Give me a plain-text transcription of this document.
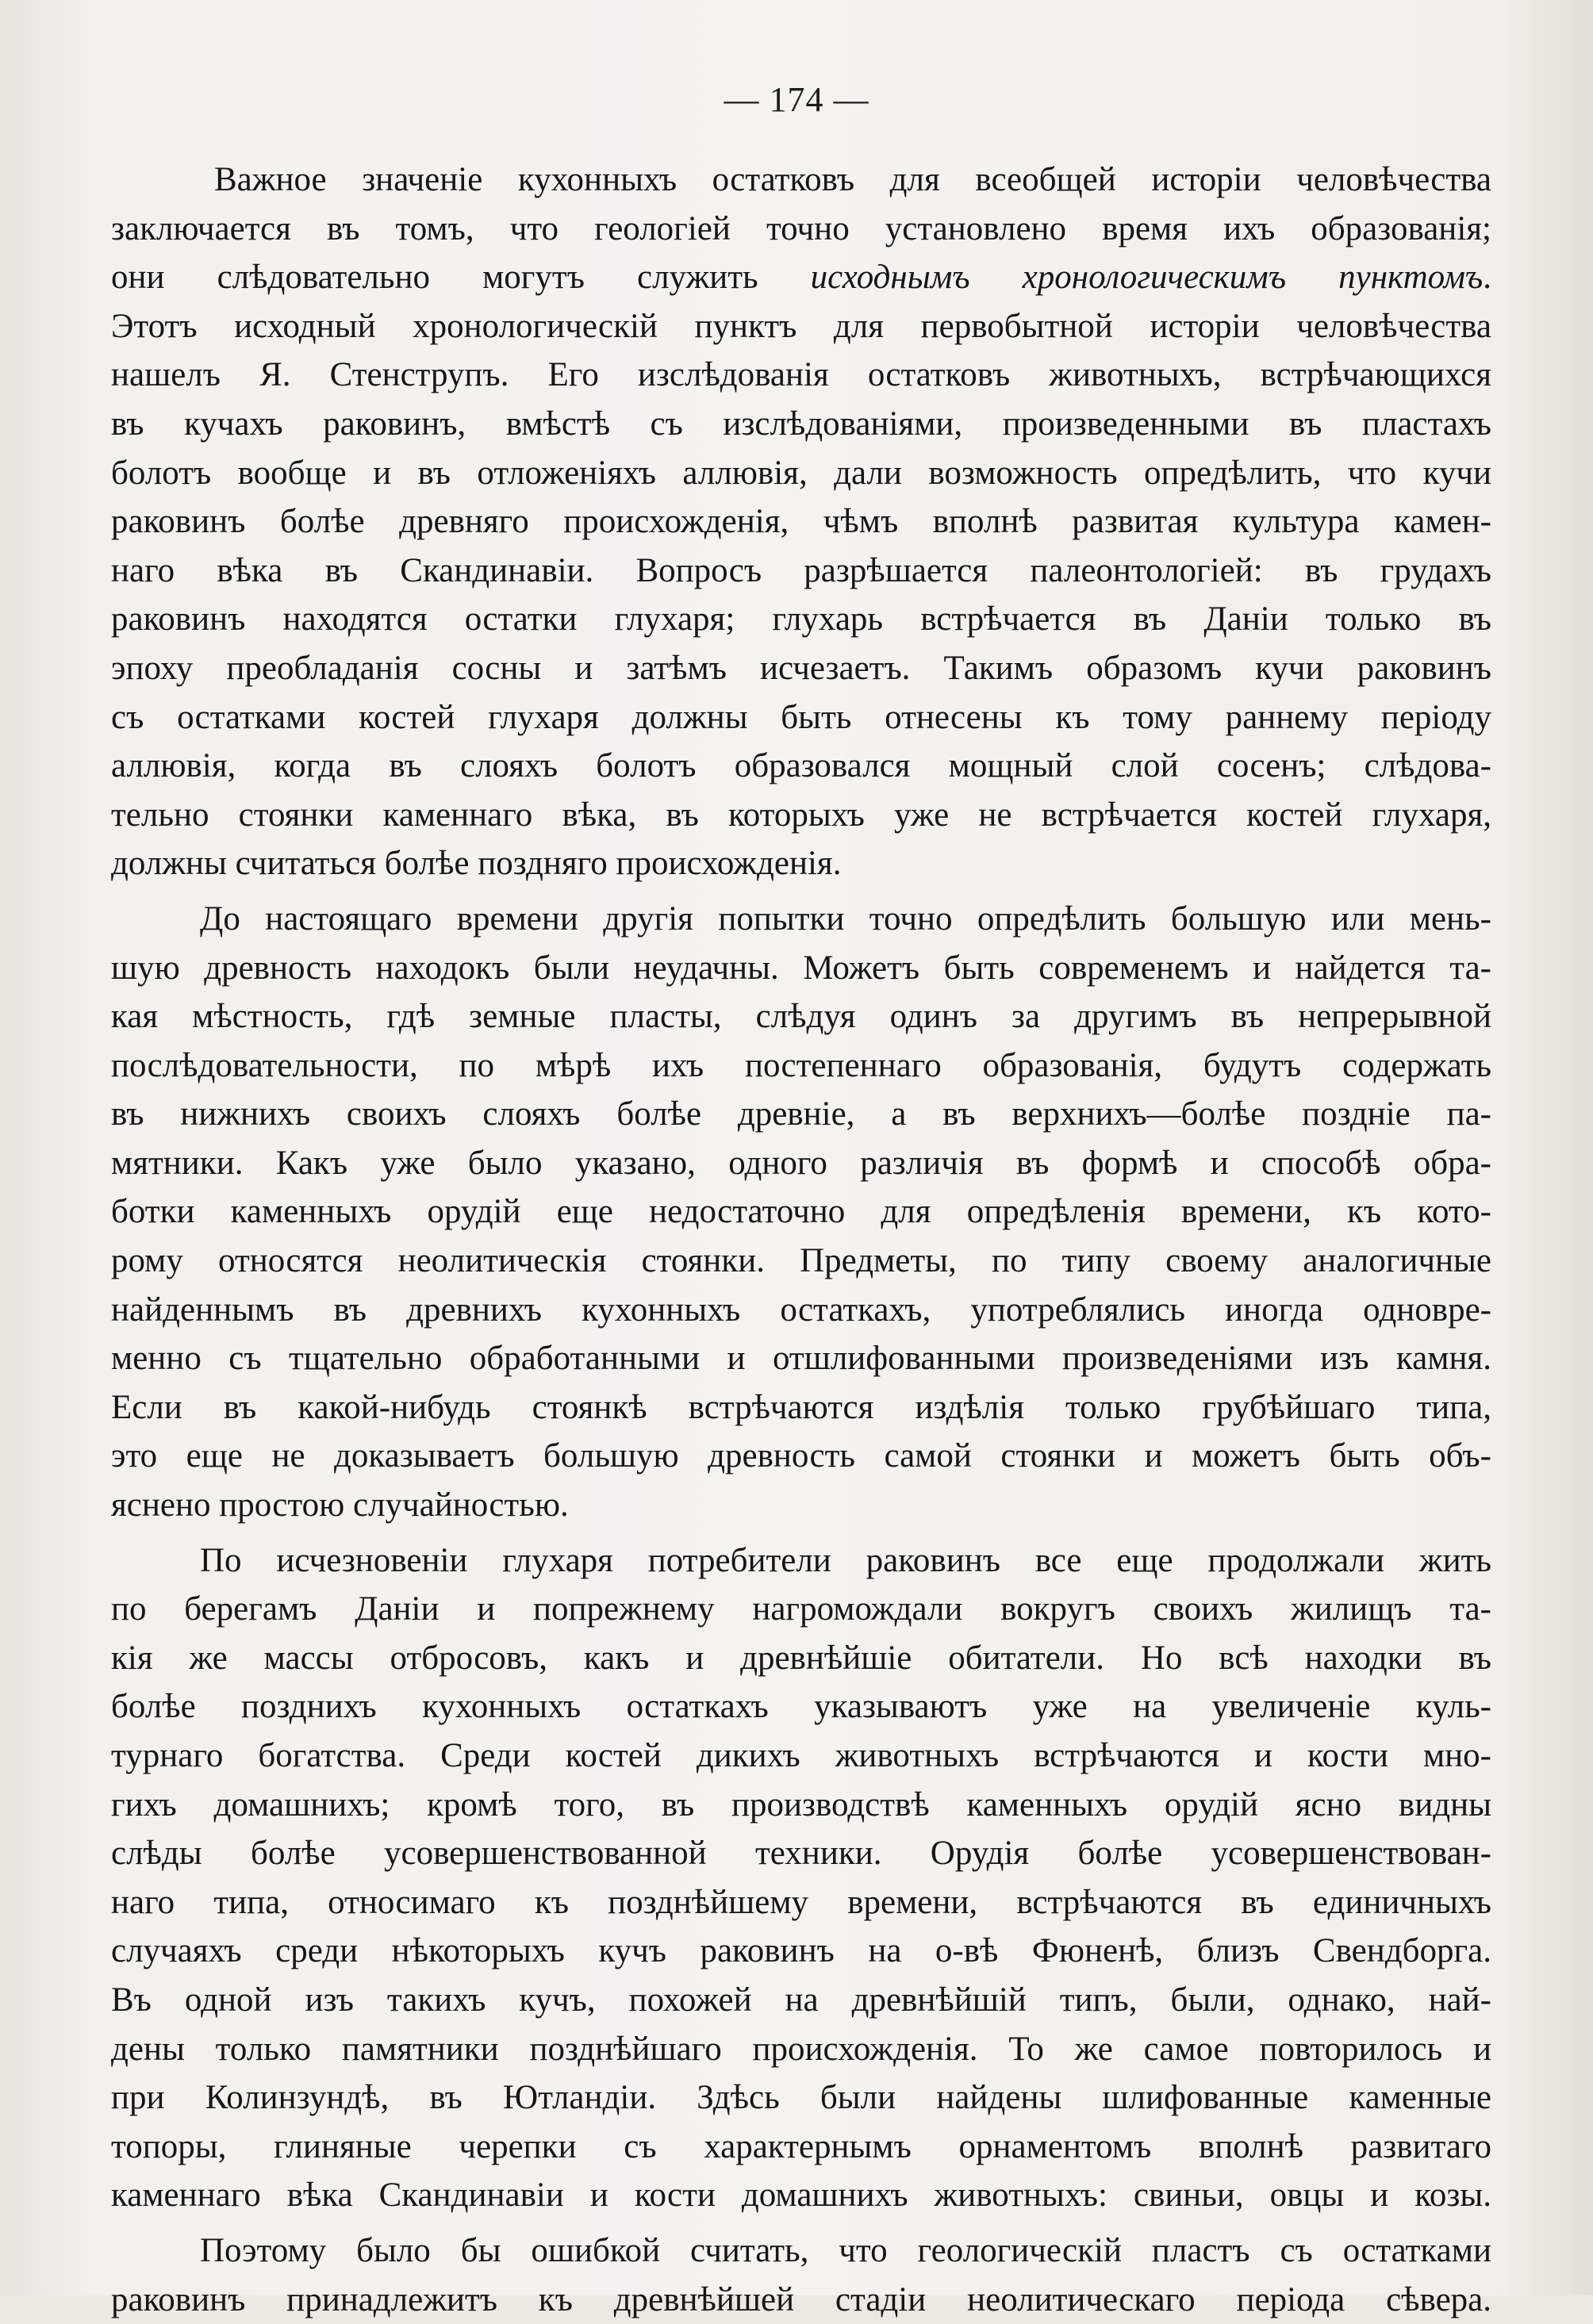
— 174 —
Важное значеніе кухонныхъ остатковъ для всеобщей исторіи человѣчества
заключается въ томъ, что геологіей точно установлено время ихъ образованія;
они слѣдовательно могутъ служить исходнымъ хронологическимъ пунктомъ.
Этотъ исходный хронологическій пунктъ для первобытной исторіи человѣчества
нашелъ Я. Стенструпъ. Его изслѣдованія остатковъ животныхъ, встрѣчающихся
въ кучахъ раковинъ, вмѣстѣ съ изслѣдованіями, произведенными въ пластахъ
болотъ вообще и въ отложеніяхъ аллювія, дали возможность опредѣлить, что кучи
раковинъ болѣе древняго происхожденія, чѣмъ вполнѣ развитая культура камен-
наго вѣка въ Скандинавіи. Вопросъ разрѣшается палеонтологіей: въ грудахъ
раковинъ находятся остатки глухаря; глухарь встрѣчается въ Даніи только въ
эпоху преобладанія сосны и затѣмъ исчезаетъ. Такимъ образомъ кучи раковинъ
съ остатками костей глухаря должны быть отнесены къ тому раннему періоду
аллювія, когда въ слояхъ болотъ образовался мощный слой сосенъ; слѣдова-
тельно стоянки каменнаго вѣка, въ которыхъ уже не встрѣчается костей глухаря,
должны считаться болѣе поздняго происхожденія.
До настоящаго времени другія попытки точно опредѣлить большую или мень-
шую древность находокъ были неудачны. Можетъ быть современемъ и найдется та-
кая мѣстность, гдѣ земные пласты, слѣдуя одинъ за другимъ въ непрерывной
послѣдовательности, по мѣрѣ ихъ постепеннаго образованія, будутъ содержать
въ нижнихъ своихъ слояхъ болѣе древніе, а въ верхнихъ—болѣе поздніе па-
мятники. Какъ уже было указано, одного различія въ формѣ и способѣ обра-
ботки каменныхъ орудій еще недостаточно для опредѣленія времени, къ кото-
рому относятся неолитическія стоянки. Предметы, по типу своему аналогичные
найденнымъ въ древнихъ кухонныхъ остаткахъ, употреблялись иногда одновре-
менно съ тщательно обработанными и отшлифованными произведеніями изъ камня.
Если въ какой-нибудь стоянкѣ встрѣчаются издѣлія только грубѣйшаго типа,
это еще не доказываетъ большую древность самой стоянки и можетъ быть объ-
яснено простою случайностью.
По исчезновеніи глухаря потребители раковинъ все еще продолжали жить
по берегамъ Даніи и попрежнему нагромождали вокругъ своихъ жилищъ та-
кія же массы отбросовъ, какъ и древнѣйшіе обитатели. Но всѣ находки въ
болѣе позднихъ кухонныхъ остаткахъ указываютъ уже на увеличеніе куль-
турнаго богатства. Среди костей дикихъ животныхъ встрѣчаются и кости мно-
гихъ домашнихъ; кромѣ того, въ производствѣ каменныхъ орудій ясно видны
слѣды болѣе усовершенствованной техники. Орудія болѣе усовершенствован-
наго типа, относимаго къ позднѣйшему времени, встрѣчаются въ единичныхъ
случаяхъ среди нѣкоторыхъ кучъ раковинъ на о-вѣ Фюненѣ, близъ Свендборга.
Въ одной изъ такихъ кучъ, похожей на древнѣйшій типъ, были, однако, най-
дены только памятники позднѣйшаго происхожденія. То же самое повторилось и
при Колинзундѣ, въ Ютландіи. Здѣсь были найдены шлифованные каменные
топоры, глиняные черепки съ характернымъ орнаментомъ вполнѣ развитаго
каменнаго вѣка Скандинавіи и кости домашнихъ животныхъ: свиньи, овцы и козы.
Поэтому было бы ошибкой считать, что геологическій пластъ съ остатками
раковинъ принадлежитъ къ древнѣйшей стадіи неолитическаго періода сѣвера.
